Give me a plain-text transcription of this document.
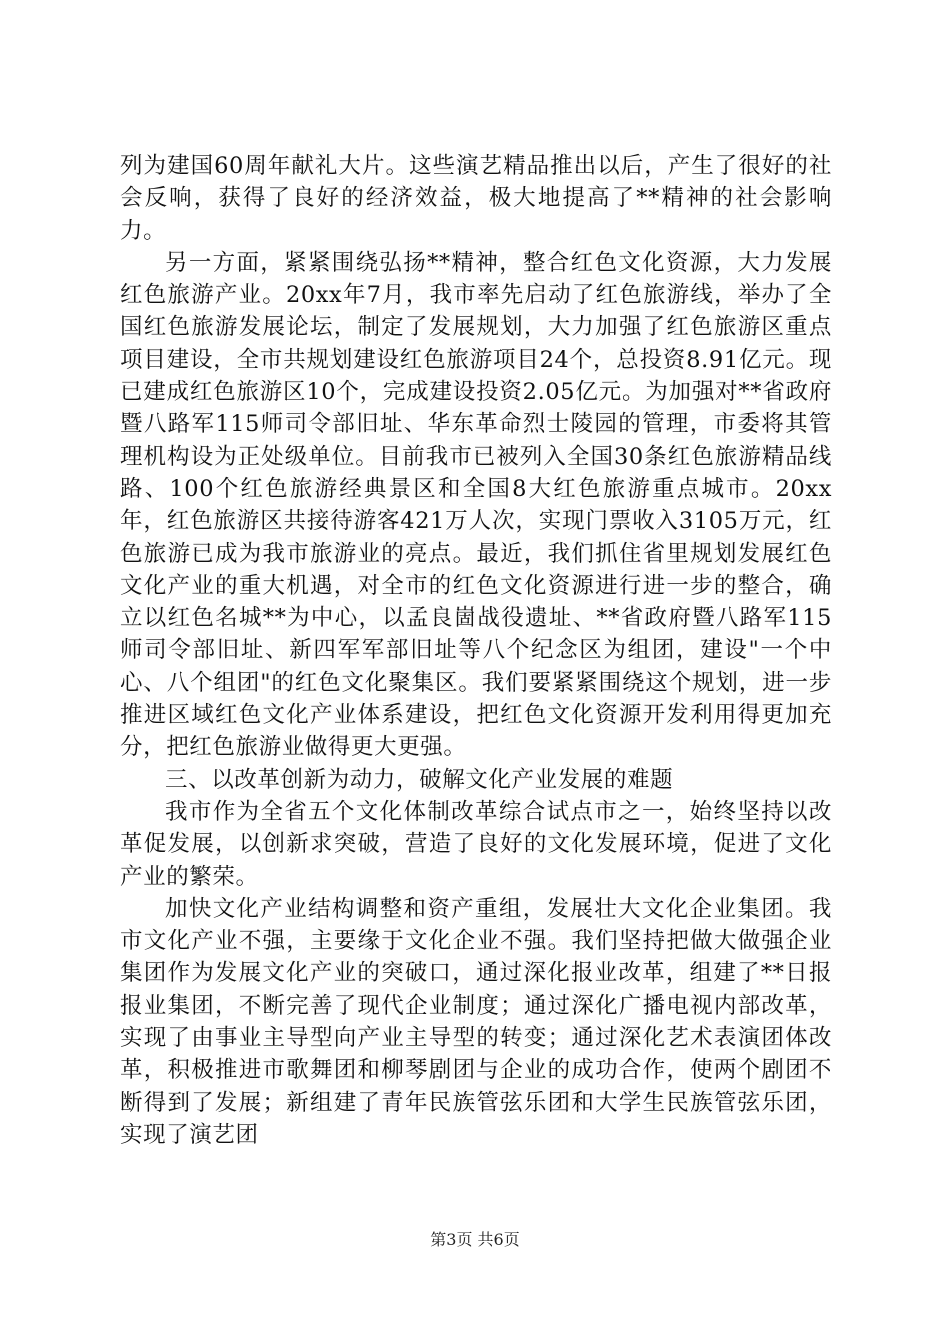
列为建国60周年献礼大片。这些演艺精品推出以后，产生了很好的社会反响，获得了良好的经济效益，极大地提高了**精神的社会影响力。

另一方面，紧紧围绕弘扬**精神，整合红色文化资源，大力发展红色旅游产业。20xx年7月，我市率先启动了红色旅游线，举办了全国红色旅游发展论坛，制定了发展规划，大力加强了红色旅游区重点项目建设，全市共规划建设红色旅游项目24个，总投资8.91亿元。现已建成红色旅游区10个，完成建设投资2.05亿元。为加强对**省政府暨八路军115师司令部旧址、华东革命烈士陵园的管理，市委将其管理机构设为正处级单位。目前我市已被列入全国30条红色旅游精品线路、100个红色旅游经典景区和全国8大红色旅游重点城市。20xx年，红色旅游区共接待游客421万人次，实现门票收入3105万元，红色旅游已成为我市旅游业的亮点。最近，我们抓住省里规划发展红色文化产业的重大机遇，对全市的红色文化资源进行进一步的整合，确立以红色名城**为中心，以孟良崮战役遗址、**省政府暨八路军115师司令部旧址、新四军军部旧址等八个纪念区为组团，建设"一个中心、八个组团"的红色文化聚集区。我们要紧紧围绕这个规划，进一步推进区域红色文化产业体系建设，把红色文化资源开发利用得更加充分，把红色旅游业做得更大更强。

三、以改革创新为动力，破解文化产业发展的难题

我市作为全省五个文化体制改革综合试点市之一，始终坚持以改革促发展，以创新求突破，营造了良好的文化发展环境，促进了文化产业的繁荣。

加快文化产业结构调整和资产重组，发展壮大文化企业集团。我市文化产业不强，主要缘于文化企业不强。我们坚持把做大做强企业集团作为发展文化产业的突破口，通过深化报业改革，组建了**日报报业集团，不断完善了现代企业制度；通过深化广播电视内部改革，实现了由事业主导型向产业主导型的转变；通过深化艺术表演团体改革，积极推进市歌舞团和柳琴剧团与企业的成功合作，使两个剧团不断得到了发展；新组建了青年民族管弦乐团和大学生民族管弦乐团，实现了演艺团

第3页 共6页
